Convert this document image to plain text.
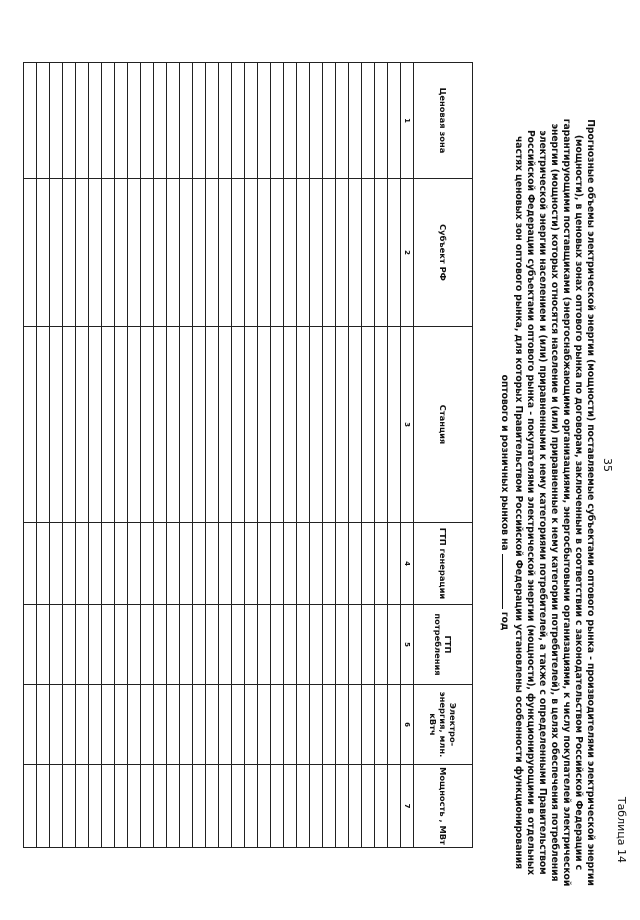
Таблица 14
Прогнозные объемы электрической энергии (мощности) поставляемые субъектами оптового рынка - производителями электрической энергии
(мощности), в ценовых зонах оптового рынка по договорам, заключенным в соответствии с законодательством Российской Федерации с
гарантирующими поставщиками (энергоснабжающими организациями, энергосбытовыми организациями, к числу покупателей электрической
энергии (мощности) которых относятся население и (или) приравненные к нему категории потребителей), в целях обеспечения потребления
электрической энергии населением и (или) приравненными к нему категориями потребителей, а также с определенными Правительством
Российской Федерации субъектами оптового рынка - покупателями электрической энергии (мощности), функционирующими в отдельных
частях ценовых зон оптового рынка, для которых Правительством Российской Федерации установлены особенности функционирования
оптового и розничных рынков на  год
Ценовая зона	Субъект РФ	Станция	ГТП генерации	ГТП потребления	Электро-энергия, млн. кВтч	Мощность , МВт
1	2	3	4	5	6	7

35
